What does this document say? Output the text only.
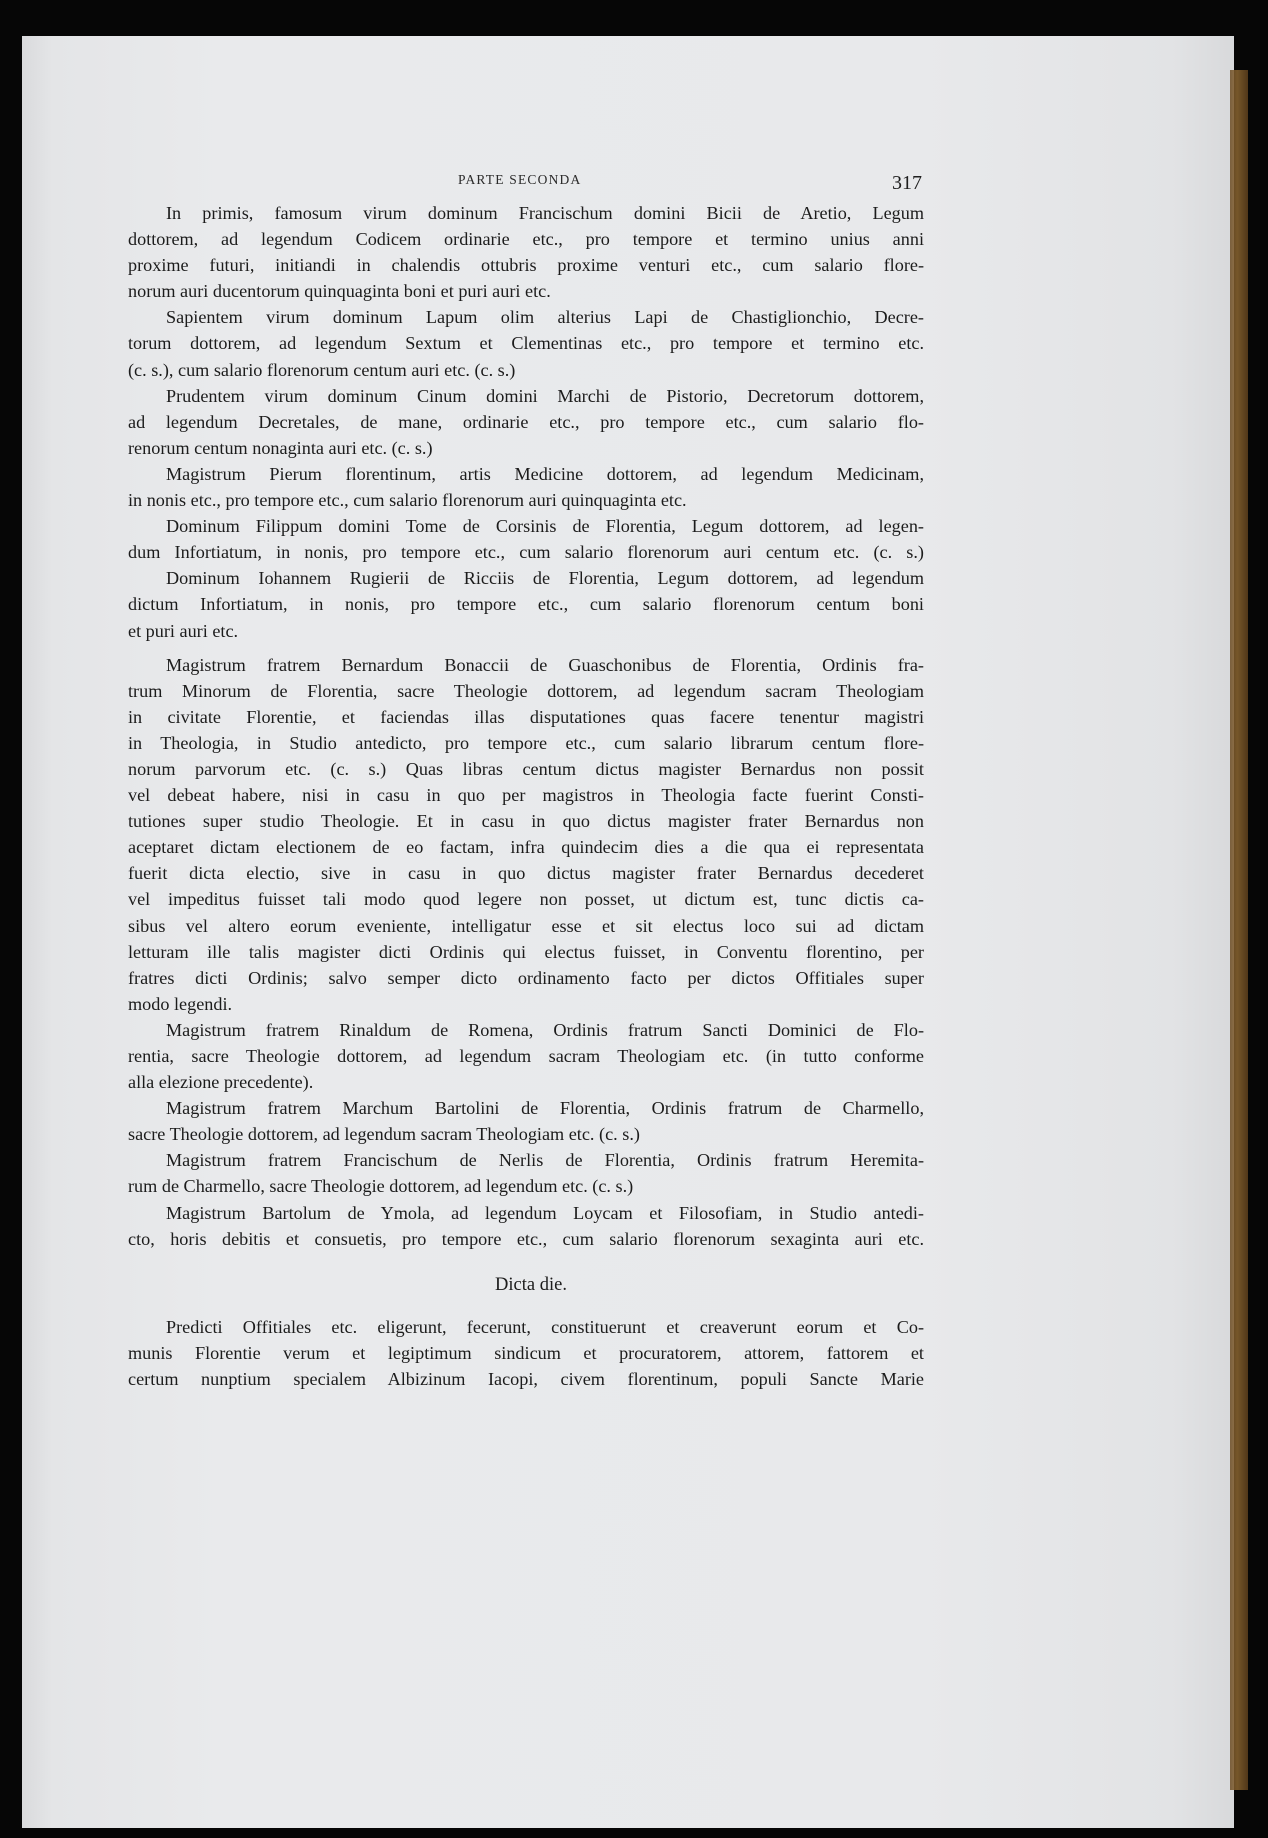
PARTE SECONDA	317
In primis, famosum virum dominum Francischum domini Bicii de Aretio, Legum
dottorem, ad legendum Codicem ordinarie etc., pro tempore et termino unius anni
proxime futuri, initiandi in chalendis ottubris proxime venturi etc., cum salario flore-
norum auri ducentorum quinquaginta boni et puri auri etc.
Sapientem virum dominum Lapum olim alterius Lapi de Chastiglionchio, Decre-
torum dottorem, ad legendum Sextum et Clementinas etc., pro tempore et termino etc.
(c. s.), cum salario florenorum centum auri etc. (c. s.)
Prudentem virum dominum Cinum domini Marchi de Pistorio, Decretorum dottorem,
ad legendum Decretales, de mane, ordinarie etc., pro tempore etc., cum salario flo-
renorum centum nonaginta auri etc. (c. s.)
Magistrum Pierum florentinum, artis Medicine dottorem, ad legendum Medicinam,
in nonis etc., pro tempore etc., cum salario florenorum auri quinquaginta etc.
Dominum Filippum domini Tome de Corsinis de Florentia, Legum dottorem, ad legen-
dum Infortiatum, in nonis, pro tempore etc., cum salario florenorum auri centum etc. (c. s.)
Dominum Iohannem Rugierii de Ricciis de Florentia, Legum dottorem, ad legendum
dictum Infortiatum, in nonis, pro tempore etc., cum salario florenorum centum boni
et puri auri etc.
Magistrum fratrem Bernardum Bonaccii de Guaschonibus de Florentia, Ordinis fra-
trum Minorum de Florentia, sacre Theologie dottorem, ad legendum sacram Theologiam
in civitate Florentie, et faciendas illas disputationes quas facere tenentur magistri
in Theologia, in Studio antedicto, pro tempore etc., cum salario librarum centum flore-
norum parvorum etc. (c. s.) Quas libras centum dictus magister Bernardus non possit
vel debeat habere, nisi in casu in quo per magistros in Theologia facte fuerint Consti-
tutiones super studio Theologie. Et in casu in quo dictus magister frater Bernardus non
aceptaret dictam electionem de eo factam, infra quindecim dies a die qua ei representata
fuerit dicta electio, sive in casu in quo dictus magister frater Bernardus decederet
vel impeditus fuisset tali modo quod legere non posset, ut dictum est, tunc dictis ca-
sibus vel altero eorum eveniente, intelligatur esse et sit electus loco sui ad dictam
letturam ille talis magister dicti Ordinis qui electus fuisset, in Conventu florentino, per
fratres dicti Ordinis; salvo semper dicto ordinamento facto per dictos Offitiales super
modo legendi.
Magistrum fratrem Rinaldum de Romena, Ordinis fratrum Sancti Dominici de Flo-
rentia, sacre Theologie dottorem, ad legendum sacram Theologiam etc. (in tutto conforme
alla elezione precedente).
Magistrum fratrem Marchum Bartolini de Florentia, Ordinis fratrum de Charmello,
sacre Theologie dottorem, ad legendum sacram Theologiam etc. (c. s.)
Magistrum fratrem Francischum de Nerlis de Florentia, Ordinis fratrum Heremita-
rum de Charmello, sacre Theologie dottorem, ad legendum etc. (c. s.)
Magistrum Bartolum de Ymola, ad legendum Loycam et Filosofiam, in Studio antedi-
cto, horis debitis et consuetis, pro tempore etc., cum salario florenorum sexaginta auri etc.
Dicta die.
Predicti Offitiales etc. eligerunt, fecerunt, constituerunt et creaverunt eorum et Co-
munis Florentie verum et legiptimum sindicum et procuratorem, attorem, fattorem et
certum nunptium specialem Albizinum Iacopi, civem florentinum, populi Sancte Marie
